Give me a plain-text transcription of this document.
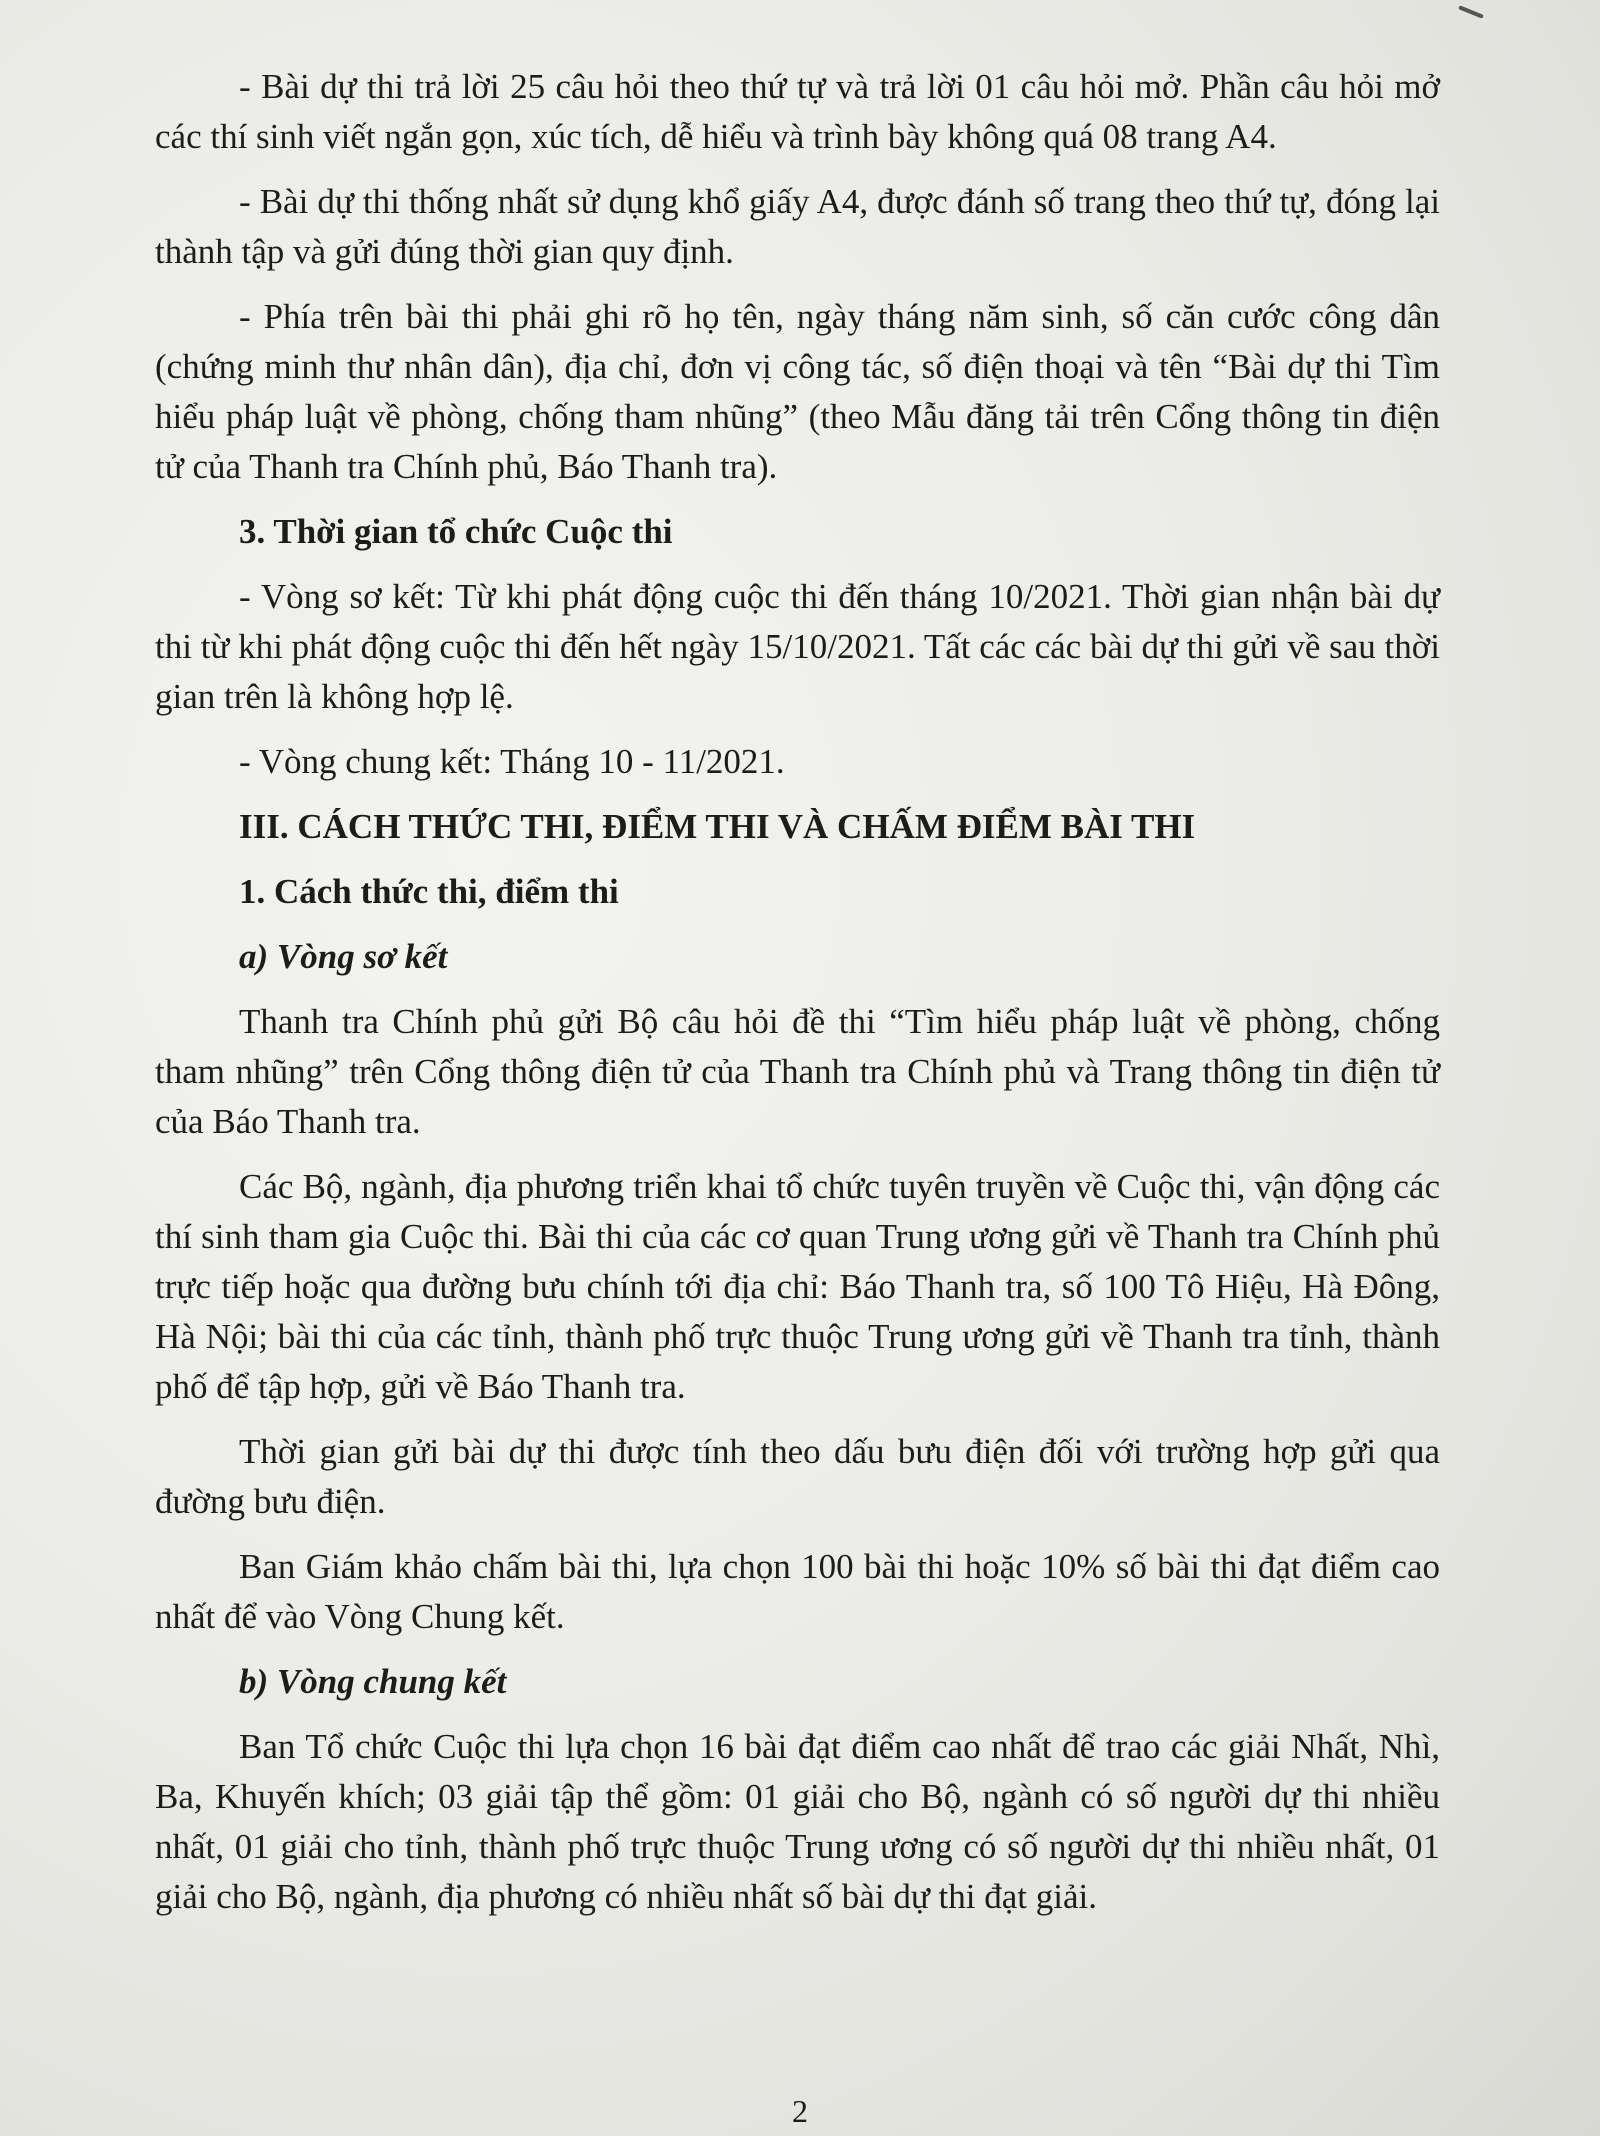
- Bài dự thi trả lời 25 câu hỏi theo thứ tự và trả lời 01 câu hỏi mở. Phần câu hỏi mở các thí sinh viết ngắn gọn, xúc tích, dễ hiểu và trình bày không quá 08 trang A4.

- Bài dự thi thống nhất sử dụng khổ giấy A4, được đánh số trang theo thứ tự, đóng lại thành tập và gửi đúng thời gian quy định.

- Phía trên bài thi phải ghi rõ họ tên, ngày tháng năm sinh, số căn cước công dân (chứng minh thư nhân dân), địa chỉ, đơn vị công tác, số điện thoại và tên “Bài dự thi Tìm hiểu pháp luật về phòng, chống tham nhũng” (theo Mẫu đăng tải trên Cổng thông tin điện tử của Thanh tra Chính phủ, Báo Thanh tra).

3. Thời gian tổ chức Cuộc thi

- Vòng sơ kết: Từ khi phát động cuộc thi đến tháng 10/2021. Thời gian nhận bài dự thi từ khi phát động cuộc thi đến hết ngày 15/10/2021. Tất các các bài dự thi gửi về sau thời gian trên là không hợp lệ.

- Vòng chung kết: Tháng 10 - 11/2021.

III. CÁCH THỨC THI, ĐIỂM THI VÀ CHẤM ĐIỂM BÀI THI

1. Cách thức thi, điểm thi

a) Vòng sơ kết

Thanh tra Chính phủ gửi Bộ câu hỏi đề thi “Tìm hiểu pháp luật về phòng, chống tham nhũng” trên Cổng thông điện tử của Thanh tra Chính phủ và Trang thông tin điện tử của Báo Thanh tra.

Các Bộ, ngành, địa phương triển khai tổ chức tuyên truyền về Cuộc thi, vận động các thí sinh tham gia Cuộc thi. Bài thi của các cơ quan Trung ương gửi về Thanh tra Chính phủ trực tiếp hoặc qua đường bưu chính tới địa chỉ: Báo Thanh tra, số 100 Tô Hiệu, Hà Đông, Hà Nội; bài thi của các tỉnh, thành phố trực thuộc Trung ương gửi về Thanh tra tỉnh, thành phố để tập hợp, gửi về Báo Thanh tra.

Thời gian gửi bài dự thi được tính theo dấu bưu điện đối với trường hợp gửi qua đường bưu điện.

Ban Giám khảo chấm bài thi, lựa chọn 100 bài thi hoặc 10% số bài thi đạt điểm cao nhất để vào Vòng Chung kết.

b) Vòng chung kết

Ban Tổ chức Cuộc thi lựa chọn 16 bài đạt điểm cao nhất để trao các giải Nhất, Nhì, Ba, Khuyến khích; 03 giải tập thể gồm: 01 giải cho Bộ, ngành có số người dự thi nhiều nhất, 01 giải cho tỉnh, thành phố trực thuộc Trung ương có số người dự thi nhiều nhất, 01 giải cho Bộ, ngành, địa phương có nhiều nhất số bài dự thi đạt giải.

2
